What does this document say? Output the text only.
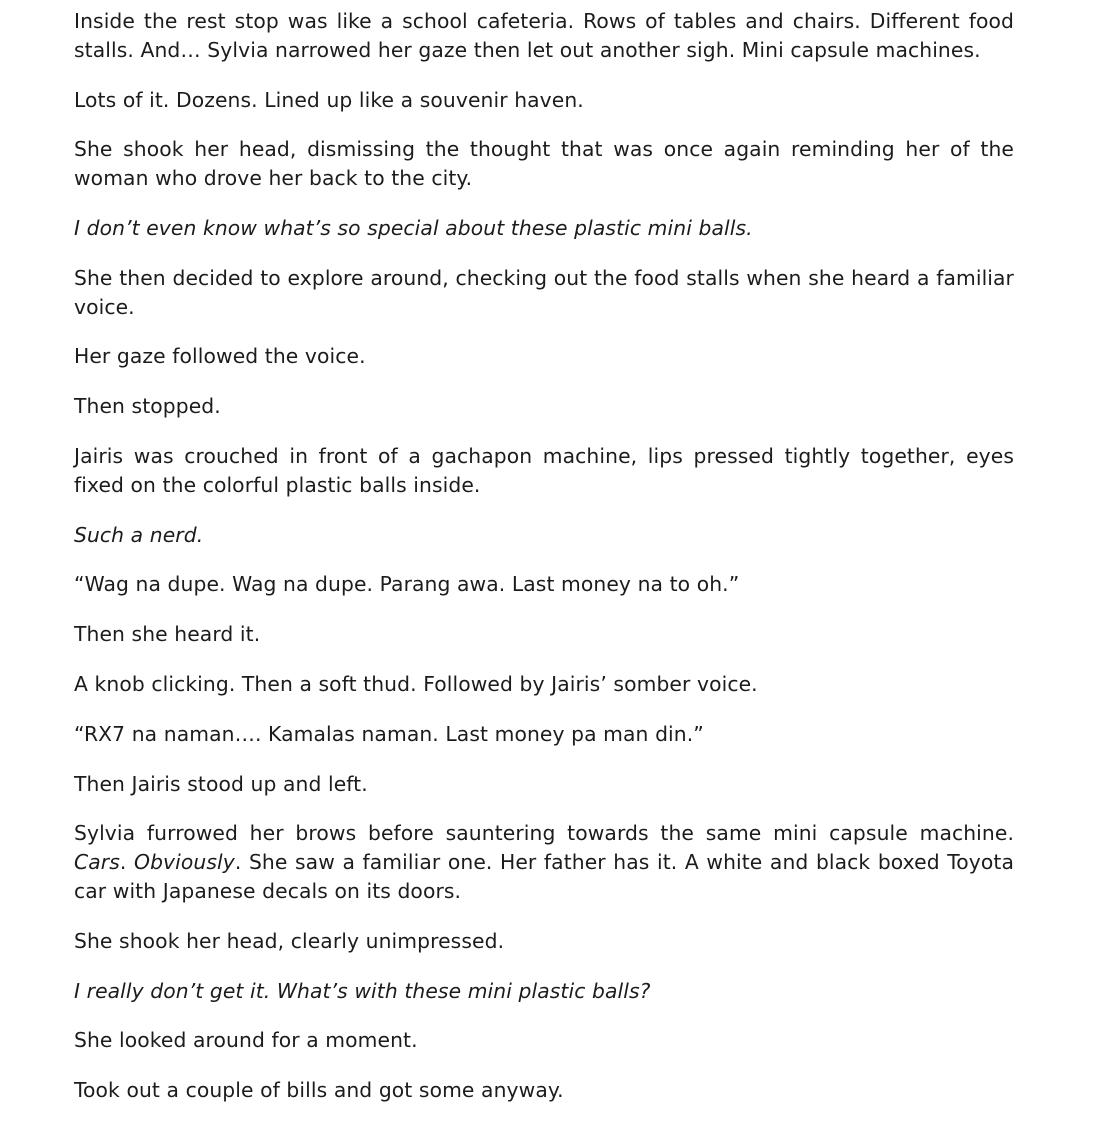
Inside the rest stop was like a school cafeteria. Rows of tables and chairs. Different food stalls. And… Sylvia narrowed her gaze then let out another sigh. Mini capsule machines.

Lots of it. Dozens. Lined up like a souvenir haven.

She shook her head, dismissing the thought that was once again reminding her of the woman who drove her back to the city.

I don’t even know what’s so special about these plastic mini balls.

She then decided to explore around, checking out the food stalls when she heard a familiar voice.

Her gaze followed the voice.

Then stopped.

Jairis was crouched in front of a gachapon machine, lips pressed tightly together, eyes fixed on the colorful plastic balls inside.

Such a nerd.

“Wag na dupe. Wag na dupe. Parang awa. Last money na to oh.”

Then she heard it.

A knob clicking. Then a soft thud. Followed by Jairis’ somber voice.

“RX7 na naman…. Kamalas naman. Last money pa man din.”

Then Jairis stood up and left.

Sylvia furrowed her brows before sauntering towards the same mini capsule machine. Cars. Obviously. She saw a familiar one. Her father has it. A white and black boxed Toyota car with Japanese decals on its doors.

She shook her head, clearly unimpressed.

I really don’t get it. What’s with these mini plastic balls?

She looked around for a moment.

Took out a couple of bills and got some anyway.
